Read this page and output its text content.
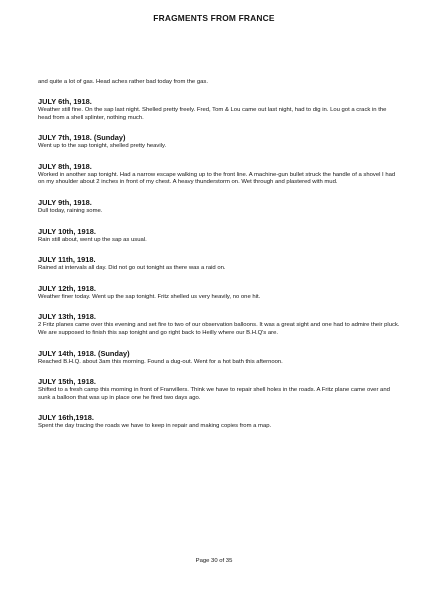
FRAGMENTS FROM FRANCE

and quite a lot of gas. Head aches rather bad today from the gas.

JULY 6th, 1918.

Weather still fine. On the sap last night. Shelled pretty freely. Fred, Tom & Lou came out last night, had to dig in. Lou got a crack in the head from a shell splinter, nothing much.

JULY 7th, 1918. (Sunday)

Went up to the sap tonight, shelled pretty heavily.

JULY 8th, 1918.

Worked in another sap tonight. Had a narrow escape walking up to the front line. A machine-gun bullet struck the handle of a shovel I had on my shoulder about 2 inches in front of my chest. A heavy thunderstorm on. Wet through and plastered with mud.

JULY 9th, 1918.

Dull today, raining some.

JULY 10th, 1918.

Rain still about, went up the sap as usual.

JULY 11th, 1918.

Rained at intervals all day. Did not go out tonight as there was a raid on.

JULY 12th, 1918.

Weather finer today. Went up the sap tonight. Fritz shelled us very heavily, no one hit.

JULY 13th, 1918.

2 Fritz planes came over this evening and set fire to two of our observation balloons. It was a great sight and one had to admire their pluck. We are supposed to finish this sap tonight and go right back to Heilly where our B.H.Q's are.

JULY 14th, 1918. (Sunday)

Reached B.H.Q. about 3am this morning. Found a dug-out. Went for a hot bath this afternoon.

JULY 15th, 1918.

Shifted to a fresh camp this morning in front of Franvillers. Think we have to repair shell holes in the roads. A Fritz plane came over and sunk a balloon that was up in place one he fired two days ago.

JULY 16th,1918.

Spent the day tracing the roads we have to keep in repair and making copies from a map.

Page 30 of 35
